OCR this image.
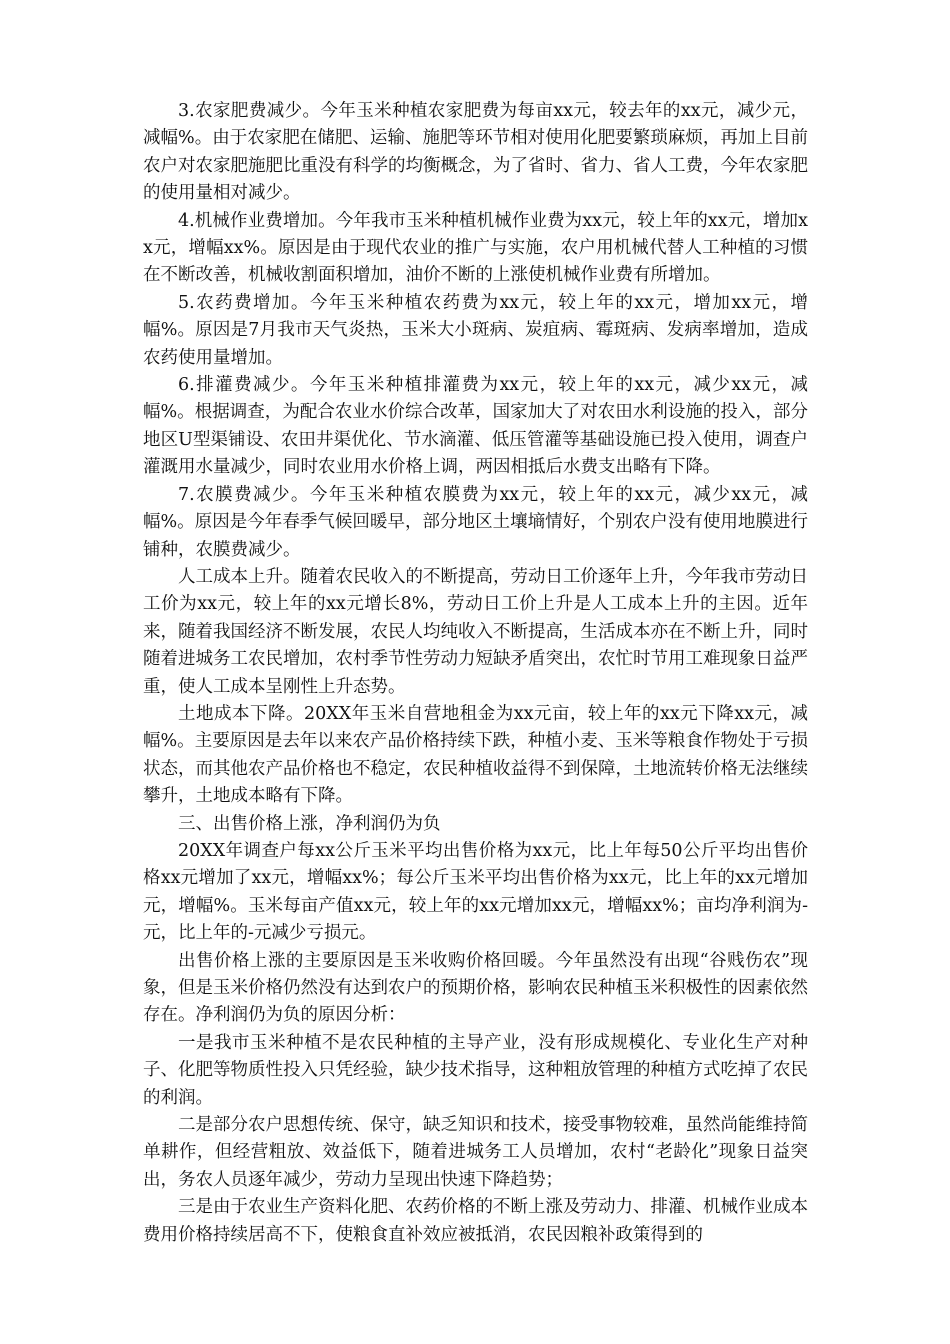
3.农家肥费减少。今年玉米种植农家肥费为每亩xx元，较去年的xx元，减少元，减幅%。由于农家肥在储肥、运输、施肥等环节相对使用化肥要繁琐麻烦，再加上目前农户对农家肥施肥比重没有科学的均衡概念，为了省时、省力、省人工费，今年农家肥的使用量相对减少。

4.机械作业费增加。今年我市玉米种植机械作业费为xx元，较上年的xx元，增加xx元，增幅xx%。原因是由于现代农业的推广与实施，农户用机械代替人工种植的习惯在不断改善，机械收割面积增加，油价不断的上涨使机械作业费有所增加。

5.农药费增加。今年玉米种植农药费为xx元，较上年的xx元，增加xx元，增幅%。原因是7月我市天气炎热，玉米大小斑病、炭疽病、霉斑病、发病率增加，造成农药使用量增加。

6.排灌费减少。今年玉米种植排灌费为xx元，较上年的xx元，减少xx元，减幅%。根据调查，为配合农业水价综合改革，国家加大了对农田水利设施的投入，部分地区U型渠铺设、农田井渠优化、节水滴灌、低压管灌等基础设施已投入使用，调查户灌溉用水量减少，同时农业用水价格上调，两因相抵后水费支出略有下降。

7.农膜费减少。今年玉米种植农膜费为xx元，较上年的xx元，减少xx元，减幅%。原因是今年春季气候回暖早，部分地区土壤墒情好，个别农户没有使用地膜进行铺种，农膜费减少。

人工成本上升。随着农民收入的不断提高，劳动日工价逐年上升，今年我市劳动日工价为xx元，较上年的xx元增长8%，劳动日工价上升是人工成本上升的主因。近年来，随着我国经济不断发展，农民人均纯收入不断提高，生活成本亦在不断上升，同时随着进城务工农民增加，农村季节性劳动力短缺矛盾突出，农忙时节用工难现象日益严重，使人工成本呈刚性上升态势。

土地成本下降。20XX年玉米自营地租金为xx元亩，较上年的xx元下降xx元，减幅%。主要原因是去年以来农产品价格持续下跌，种植小麦、玉米等粮食作物处于亏损状态，而其他农产品价格也不稳定，农民种植收益得不到保障，土地流转价格无法继续攀升，土地成本略有下降。

三、出售价格上涨，净利润仍为负

20XX年调查户每xx公斤玉米平均出售价格为xx元，比上年每50公斤平均出售价格xx元增加了xx元，增幅xx%；每公斤玉米平均出售价格为xx元，比上年的xx元增加元，增幅%。玉米每亩产值xx元，较上年的xx元增加xx元，增幅xx%；亩均净利润为-元，比上年的-元减少亏损元。

出售价格上涨的主要原因是玉米收购价格回暖。今年虽然没有出现“谷贱伤农”现象，但是玉米价格仍然没有达到农户的预期价格，影响农民种植玉米积极性的因素依然存在。净利润仍为负的原因分析：

一是我市玉米种植不是农民种植的主导产业，没有形成规模化、专业化生产对种子、化肥等物质性投入只凭经验，缺少技术指导，这种粗放管理的种植方式吃掉了农民的利润。

二是部分农户思想传统、保守，缺乏知识和技术，接受事物较难，虽然尚能维持简单耕作，但经营粗放、效益低下，随着进城务工人员增加，农村“老龄化”现象日益突出，务农人员逐年减少，劳动力呈现出快速下降趋势；

三是由于农业生产资料化肥、农药价格的不断上涨及劳动力、排灌、机械作业成本费用价格持续居高不下，使粮食直补效应被抵消，农民因粮补政策得到的
